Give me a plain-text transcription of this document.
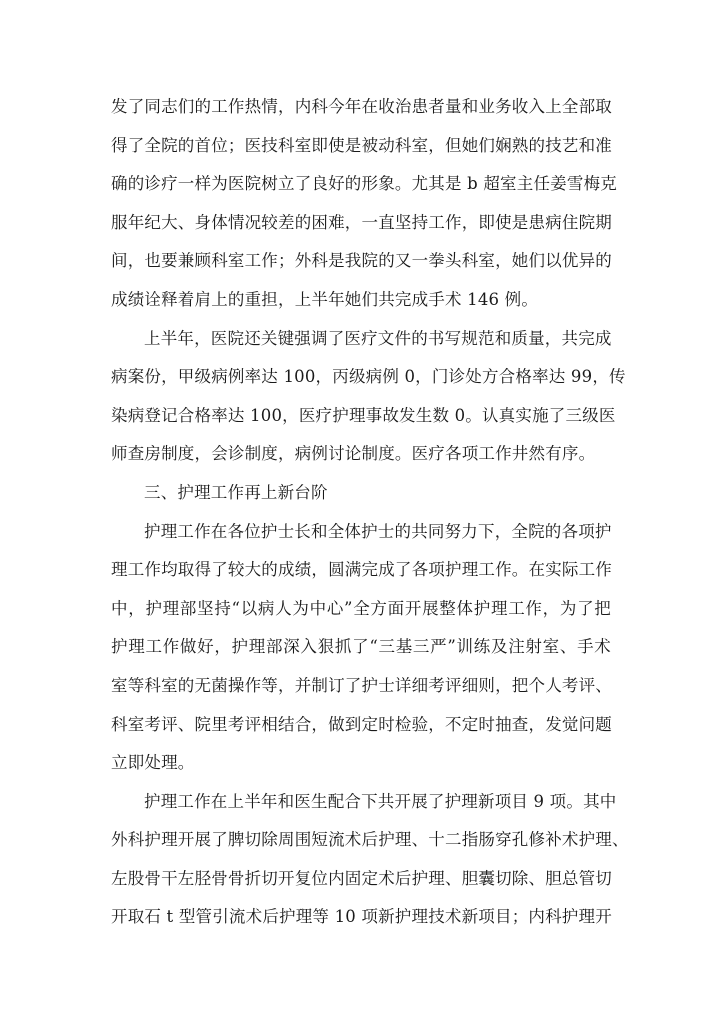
发了同志们的工作热情，内科今年在收治患者量和业务收入上全部取
得了全院的首位；医技科室即使是被动科室，但她们娴熟的技艺和准
确的诊疗一样为医院树立了良好的形象。尤其是 b 超室主任姜雪梅克
服年纪大、身体情况较差的困难，一直坚持工作，即使是患病住院期
间，也要兼顾科室工作；外科是我院的又一拳头科室，她们以优异的
成绩诠释着肩上的重担，上半年她们共完成手术 146 例。
上半年，医院还关键强调了医疗文件的书写规范和质量，共完成
病案份，甲级病例率达 100，丙级病例 0，门诊处方合格率达 99，传
染病登记合格率达 100，医疗护理事故发生数 0。认真实施了三级医
师查房制度，会诊制度，病例讨论制度。医疗各项工作井然有序。
三、护理工作再上新台阶
护理工作在各位护士长和全体护士的共同努力下，全院的各项护
理工作均取得了较大的成绩，圆满完成了各项护理工作。在实际工作
中，护理部坚持“以病人为中心”全方面开展整体护理工作，为了把
护理工作做好，护理部深入狠抓了“三基三严”训练及注射室、手术
室等科室的无菌操作等，并制订了护士详细考评细则，把个人考评、
科室考评、院里考评相结合，做到定时检验，不定时抽查，发觉问题
立即处理。
护理工作在上半年和医生配合下共开展了护理新项目 9 项。其中
外科护理开展了脾切除周围短流术后护理、十二指肠穿孔修补术护理、
左股骨干左胫骨骨折切开复位内固定术后护理、胆囊切除、胆总管切
开取石 t 型管引流术后护理等 10 项新护理技术新项目；内科护理开
